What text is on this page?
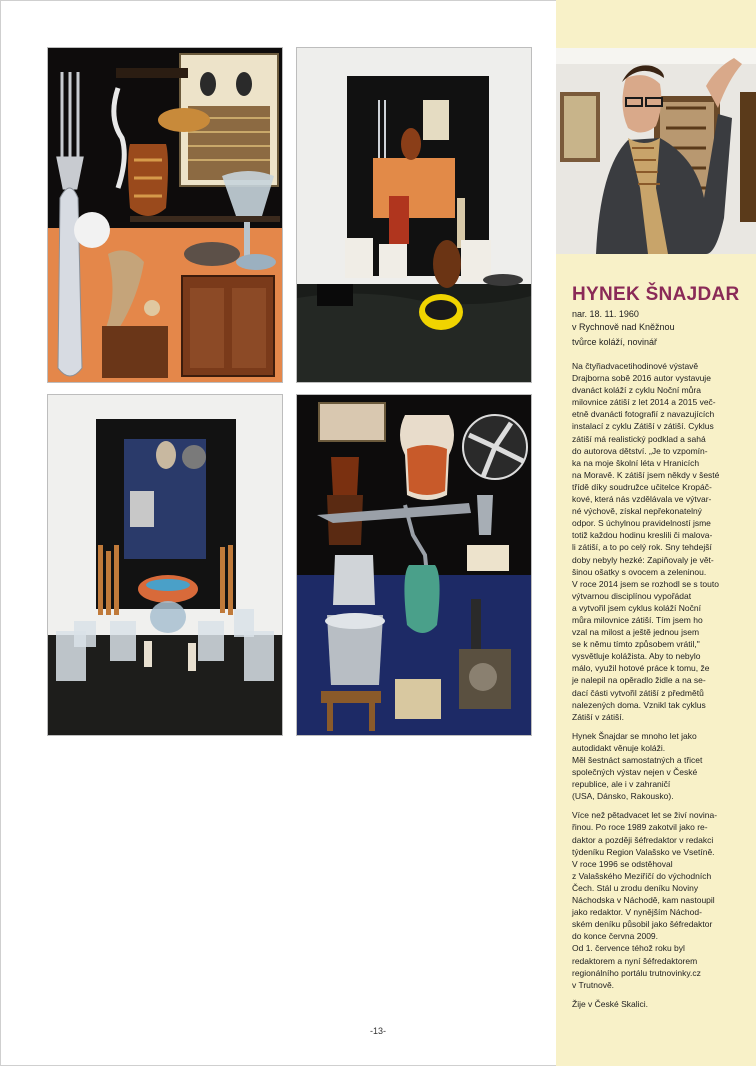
HYNEK ŠNAJDAR
nar. 18. 11. 1960
v Rychnově nad Kněžnou
tvůrce koláží, novinář

Na čtyřiadvacetihodinové výstavě
Drajborna sobě 2016 autor vystavuje
dvanáct koláží z cyklu Noční můra
milovnice zátiší z let 2014 a 2015 več-
etně dvanácti fotografií z navazujících
instalací z cyklu Zátiší v zátiší. Cyklus
zátiší má realistický podklad a sahá
do autorova dětství. „Je to vzpomín-
ka na moje školní léta v Hranicích
na Moravě. K zátiší jsem někdy v šesté
třídě díky soudružce učitelce Kropáč-
kové, která nás vzdělávala ve výtvar-
né výchově, získal nepřekonatelný
odpor. S úchylnou pravidelností jsme
totiž každou hodinu kreslili či malova-
li zátiší, a to po celý rok. Sny tehdejší
doby nebyly hezké: Zapiňovaly je vět-
šinou ošatky s ovocem a zeleninou.
V roce 2014 jsem se rozhodl se s touto
výtvarnou disciplínou vypořádat
a vytvořil jsem cyklus koláží Noční
můra milovnice zátiší. Tím jsem ho
vzal na milost a ještě jednou jsem
se k němu tímto způsobem vrátil,"
vysvětluje kolážista. Aby to nebylo
málo, využil hotové práce k tomu, že
je nalepil na opěradlo židle a na se-
dací části vytvořil zátiší z předmětů
nalezených doma. Vznikl tak cyklus
Zátiší v zátiší.

Hynek Šnajdar se mnoho let jako
autodidakt věnuje koláži.
Měl šestnáct samostatných a třicet
společných výstav nejen v České
republice, ale i v zahraničí
(USA, Dánsko, Rakousko).

Více než pětadvacet let se živí novina-
řinou. Po roce 1989 zakotvil jako re-
daktor a později šéfredaktor v redakci
týdeníku Region Valašsko ve Vsetíně.
V roce 1996 se odstěhoval
z Valašského Meziříčí do východních
Čech. Stál u zrodu deníku Noviny
Náchodska v Náchodě, kam nastoupil
jako redaktor. V nynějším Náchod-
ském deníku působil jako šéfredaktor
do konce června 2009.
Od 1. července téhož roku byl
redaktorem a nyní šéfredaktorem
regionálního portálu trutnovinky.cz
v Trutnově.

Žije v České Skalici.

-13-
